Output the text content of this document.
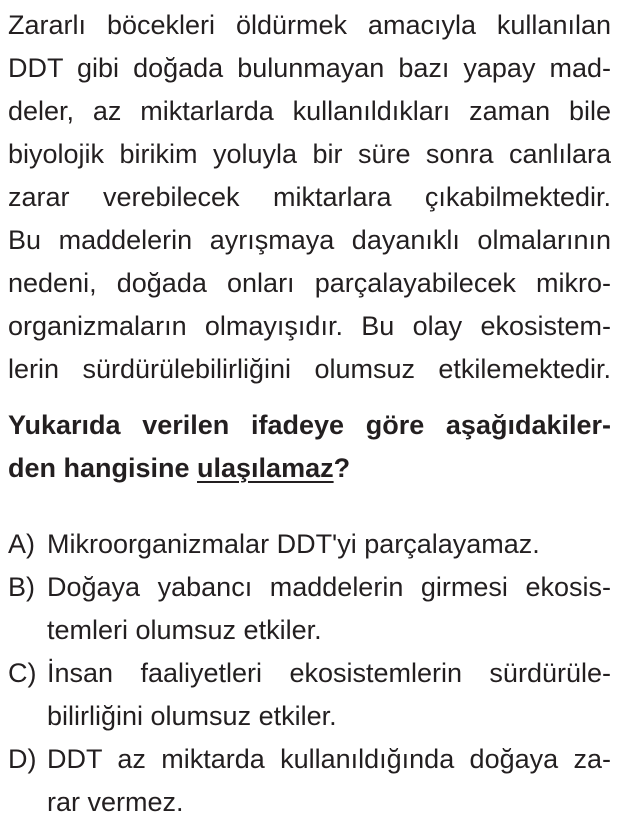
Zararlı böcekleri öldürmek amacıyla kullanılan
DDT gibi doğada bulunmayan bazı yapay mad-
deler, az miktarlarda kullanıldıkları zaman bile
biyolojik birikim yoluyla bir süre sonra canlılara
zarar verebilecek miktarlara çıkabilmektedir.
Bu maddelerin ayrışmaya dayanıklı olmalarının
nedeni, doğada onları parçalayabilecek mikro-
organizmaların olmayışıdır. Bu olay ekosistem-
lerin sürdürülebilirliğini olumsuz etkilemektedir.
Yukarıda verilen ifadeye göre aşağıdakiler-
den hangisine ulaşılamaz?
A) Mikroorganizmalar DDT'yi parçalayamaz.
B) Doğaya yabancı maddelerin girmesi ekosis-
temleri olumsuz etkiler.
C) İnsan faaliyetleri ekosistemlerin sürdürüle-
bilirliğini olumsuz etkiler.
D) DDT az miktarda kullanıldığında doğaya za-
rar vermez.
